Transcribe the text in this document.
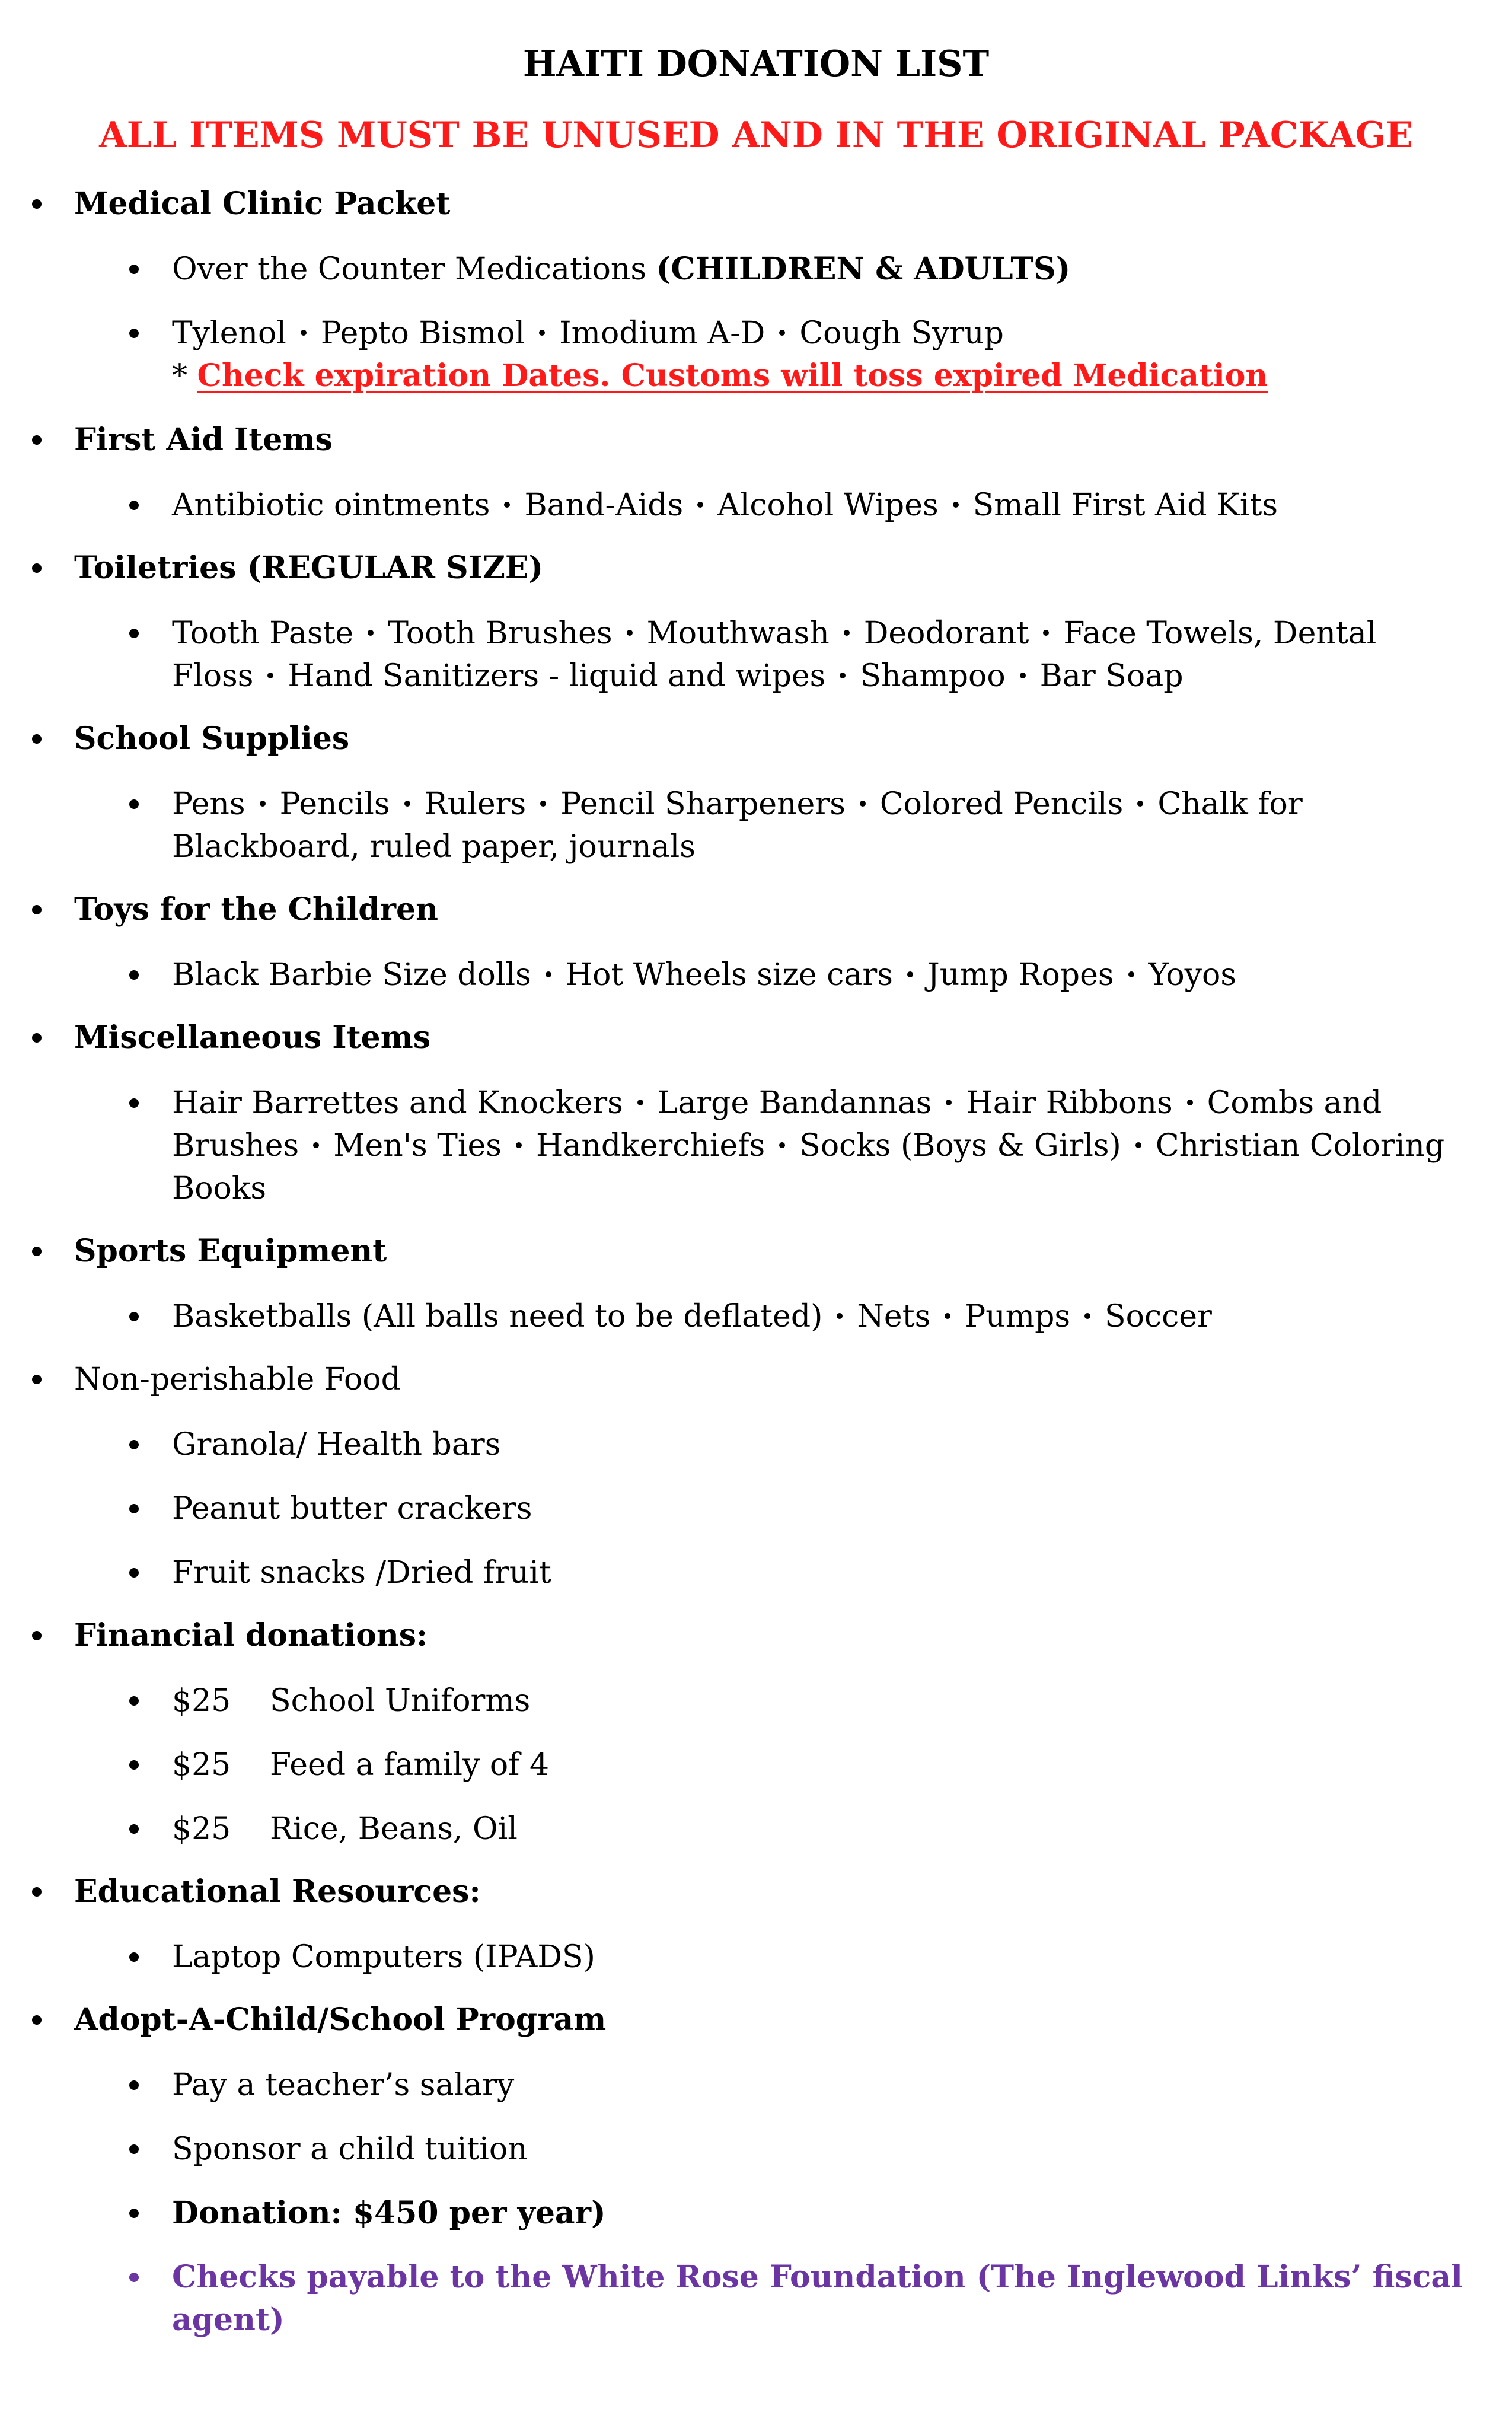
HAITI DONATION LIST
ALL ITEMS MUST BE UNUSED AND IN THE ORIGINAL PACKAGE
Medical Clinic Packet
Over the Counter Medications (CHILDREN & ADULTS)
Tylenol Pepto Bismol Imodium A-D Cough Syrup
* Check expiration Dates. Customs will toss expired Medication
First Aid Items
Antibiotic ointments Band-Aids Alcohol Wipes Small First Aid Kits
Toiletries (REGULAR SIZE)
Tooth Paste Tooth Brushes Mouthwash Deodorant Face Towels, Dental
Floss Hand Sanitizers - liquid and wipes Shampoo Bar Soap
School Supplies
Pens Pencils Rulers Pencil Sharpeners Colored Pencils Chalk for
Blackboard, ruled paper, journals
Toys for the Children
Black Barbie Size dolls Hot Wheels size cars Jump Ropes Yoyos
Miscellaneous Items
Hair Barrettes and Knockers Large Bandannas Hair Ribbons Combs and
Brushes Men's Ties Handkerchiefs Socks (Boys & Girls) Christian Coloring
Books
Sports Equipment
Basketballs (All balls need to be deflated) Nets Pumps Soccer
Non-perishable Food
Granola/ Health bars
Peanut butter crackers
Fruit snacks /Dried fruit
Financial donations:
$25 School Uniforms
$25 Feed a family of 4
$25 Rice, Beans, Oil
Educational Resources:
Laptop Computers (IPADS)
Adopt-A-Child/School Program
Pay a teacher’s salary
Sponsor a child tuition
Donation: $450 per year)
Checks payable to the White Rose Foundation (The Inglewood Links’ fiscal
agent)
